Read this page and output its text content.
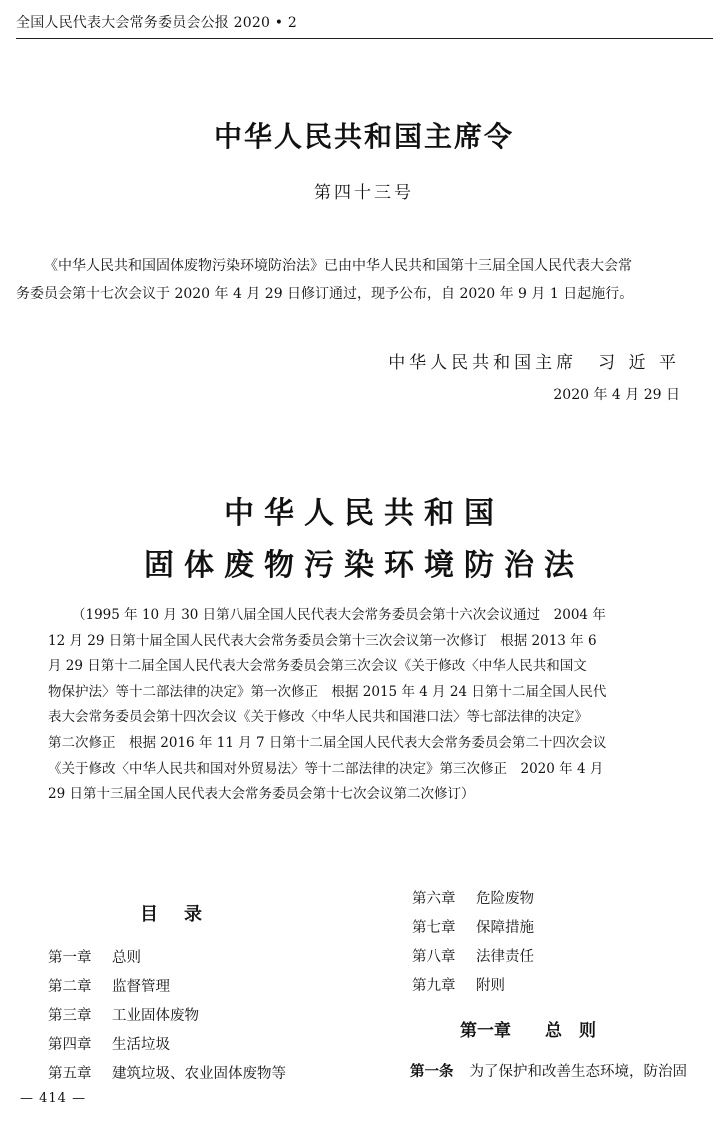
全国人民代表大会常务委员会公报 2020 • 2
中华人民共和国主席令
第四十三号
《中华人民共和国固体废物污染环境防治法》已由中华人民共和国第十三届全国人民代表大会常
务委员会第十七次会议于 2020 年 4 月 29 日修订通过，现予公布，自 2020 年 9 月 1 日起施行。
中华人民共和国主席　习 近 平
2020 年 4 月 29 日
中华人民共和国
固体废物污染环境防治法
（1995 年 10 月 30 日第八届全国人民代表大会常务委员会第十六次会议通过　2004 年
12 月 29 日第十届全国人民代表大会常务委员会第十三次会议第一次修订　根据 2013 年 6
月 29 日第十二届全国人民代表大会常务委员会第三次会议《关于修改〈中华人民共和国文
物保护法〉等十二部法律的决定》第一次修正　根据 2015 年 4 月 24 日第十二届全国人民代
表大会常务委员会第十四次会议《关于修改〈中华人民共和国港口法〉等七部法律的决定》
第二次修正　根据 2016 年 11 月 7 日第十二届全国人民代表大会常务委员会第二十四次会议
《关于修改〈中华人民共和国对外贸易法〉等十二部法律的决定》第三次修正　2020 年 4 月
29 日第十三届全国人民代表大会常务委员会第十七次会议第二次修订）
目录
第一章 总则
第二章 监督管理
第三章 工业固体废物
第四章 生活垃圾
第五章 建筑垃圾、农业固体废物等
第六章 危险废物
第七章 保障措施
第八章 法律责任
第九章 附则
第一章 总　则
第一条 为了保护和改善生态环境，防治固
— 414 —
